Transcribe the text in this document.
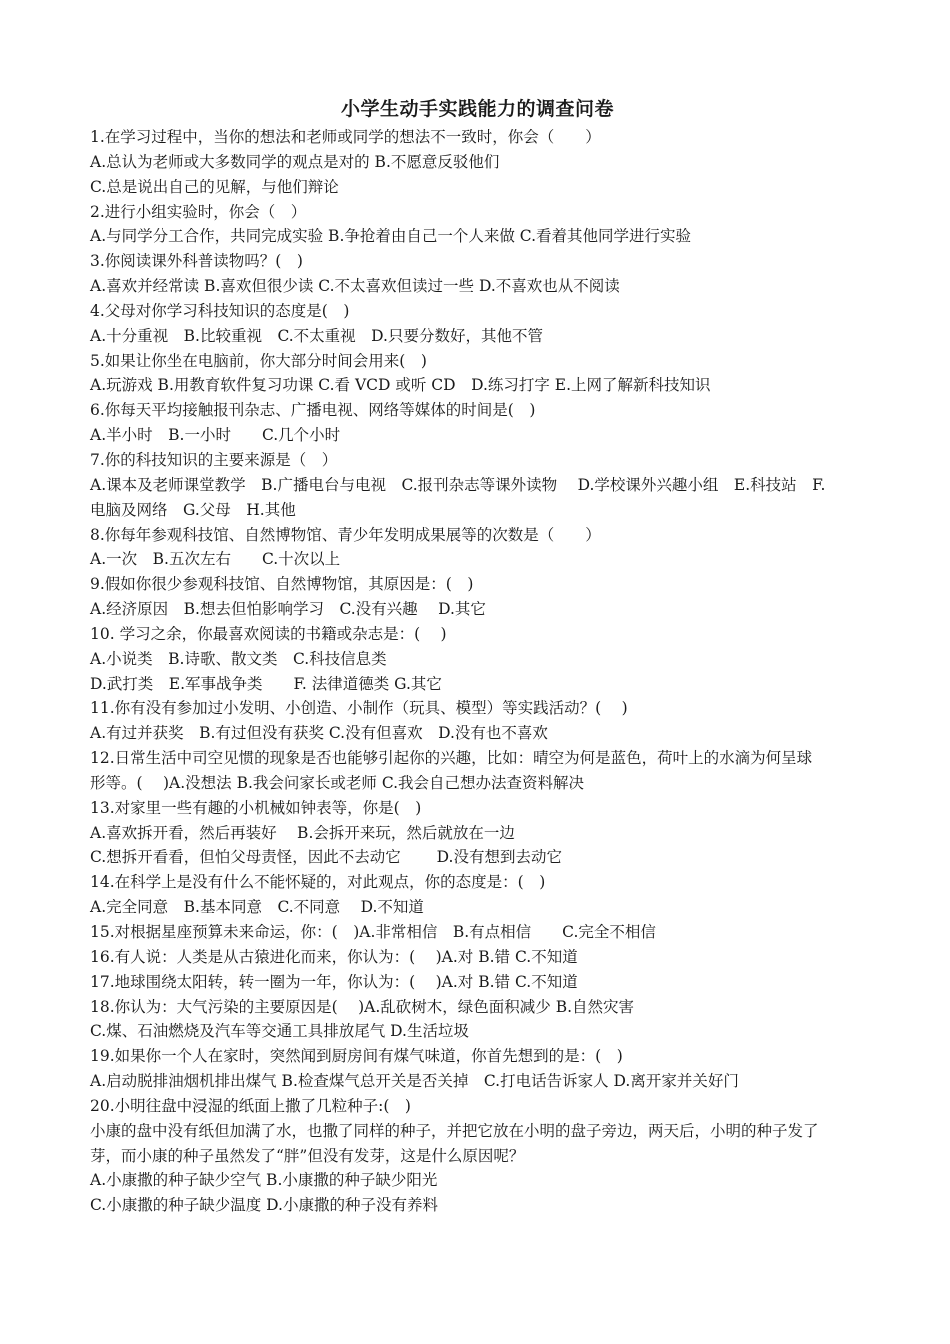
小学生动手实践能力的调查问卷
1.在学习过程中，当你的想法和老师或同学的想法不一致时，你会（　　）
A.总认为老师或大多数同学的观点是对的 B.不愿意反驳他们
C.总是说出自己的见解，与他们辩论
2.进行小组实验时，你会（　）
A.与同学分工合作，共同完成实验 B.争抢着由自己一个人来做 C.看着其他同学进行实验
3.你阅读课外科普读物吗？(　)
A.喜欢并经常读 B.喜欢但很少读 C.不太喜欢但读过一些 D.不喜欢也从不阅读
4.父母对你学习科技知识的态度是(　)
A.十分重视　B.比较重视　C.不太重视　D.只要分数好，其他不管
5.如果让你坐在电脑前，你大部分时间会用来(　)
A.玩游戏 B.用教育软件复习功课 C.看 VCD 或听 CD　D.练习打字 E.上网了解新科技知识
6.你每天平均接触报刊杂志、广播电视、网络等媒体的时间是(　)
A.半小时　B.一小时　　C.几个小时
7.你的科技知识的主要来源是（　）
A.课本及老师课堂教学　B.广播电台与电视　C.报刊杂志等课外读物　 D.学校课外兴趣小组　E.科技站　F.
电脑及网络　G.父母　H.其他
8.你每年参观科技馆、自然博物馆、青少年发明成果展等的次数是（　　）
A.一次　B.五次左右　　C.十次以上
9.假如你很少参观科技馆、自然博物馆，其原因是：(　)
A.经济原因　B.想去但怕影响学习　C.没有兴趣　 D.其它
10. 学习之余，你最喜欢阅读的书籍或杂志是：(　 )
A.小说类　B.诗歌、散文类　C.科技信息类
D.武打类　E.军事战争类　　F. 法律道德类 G.其它
11.你有没有参加过小发明、小创造、小制作（玩具、模型）等实践活动？(　 )
A.有过并获奖　B.有过但没有获奖 C.没有但喜欢　D.没有也不喜欢
12.日常生活中司空见惯的现象是否也能够引起你的兴趣，比如：晴空为何是蓝色，荷叶上的水滴为何呈球
形等。(　 )A.没想法 B.我会问家长或老师 C.我会自己想办法查资料解决
13.对家里一些有趣的小机械如钟表等，你是(　)
A.喜欢拆开看，然后再装好　 B.会拆开来玩，然后就放在一边
C.想拆开看看，但怕父母责怪，因此不去动它　　 D.没有想到去动它
14.在科学上是没有什么不能怀疑的，对此观点，你的态度是：(　)
A.完全同意　B.基本同意　C.不同意　 D.不知道
15.对根据星座预算未来命运，你：(　)A.非常相信　B.有点相信　　C.完全不相信
16.有人说：人类是从古猿进化而来，你认为：(　 )A.对 B.错 C.不知道
17.地球围绕太阳转，转一圈为一年，你认为：(　 )A.对 B.错 C.不知道
18.你认为：大气污染的主要原因是(　 )A.乱砍树木，绿色面积减少 B.自然灾害
C.煤、石油燃烧及汽车等交通工具排放尾气 D.生活垃圾
19.如果你一个人在家时，突然闻到厨房间有煤气味道，你首先想到的是：(　)
A.启动脱排油烟机排出煤气 B.检查煤气总开关是否关掉　C.打电话告诉家人 D.离开家并关好门
20.小明往盘中浸湿的纸面上撒了几粒种子:(　)
小康的盘中没有纸但加满了水，也撒了同样的种子，并把它放在小明的盘子旁边，两天后，小明的种子发了
芽，而小康的种子虽然发了“胖”但没有发芽，这是什么原因呢？
A.小康撒的种子缺少空气 B.小康撒的种子缺少阳光
C.小康撒的种子缺少温度 D.小康撒的种子没有养料
